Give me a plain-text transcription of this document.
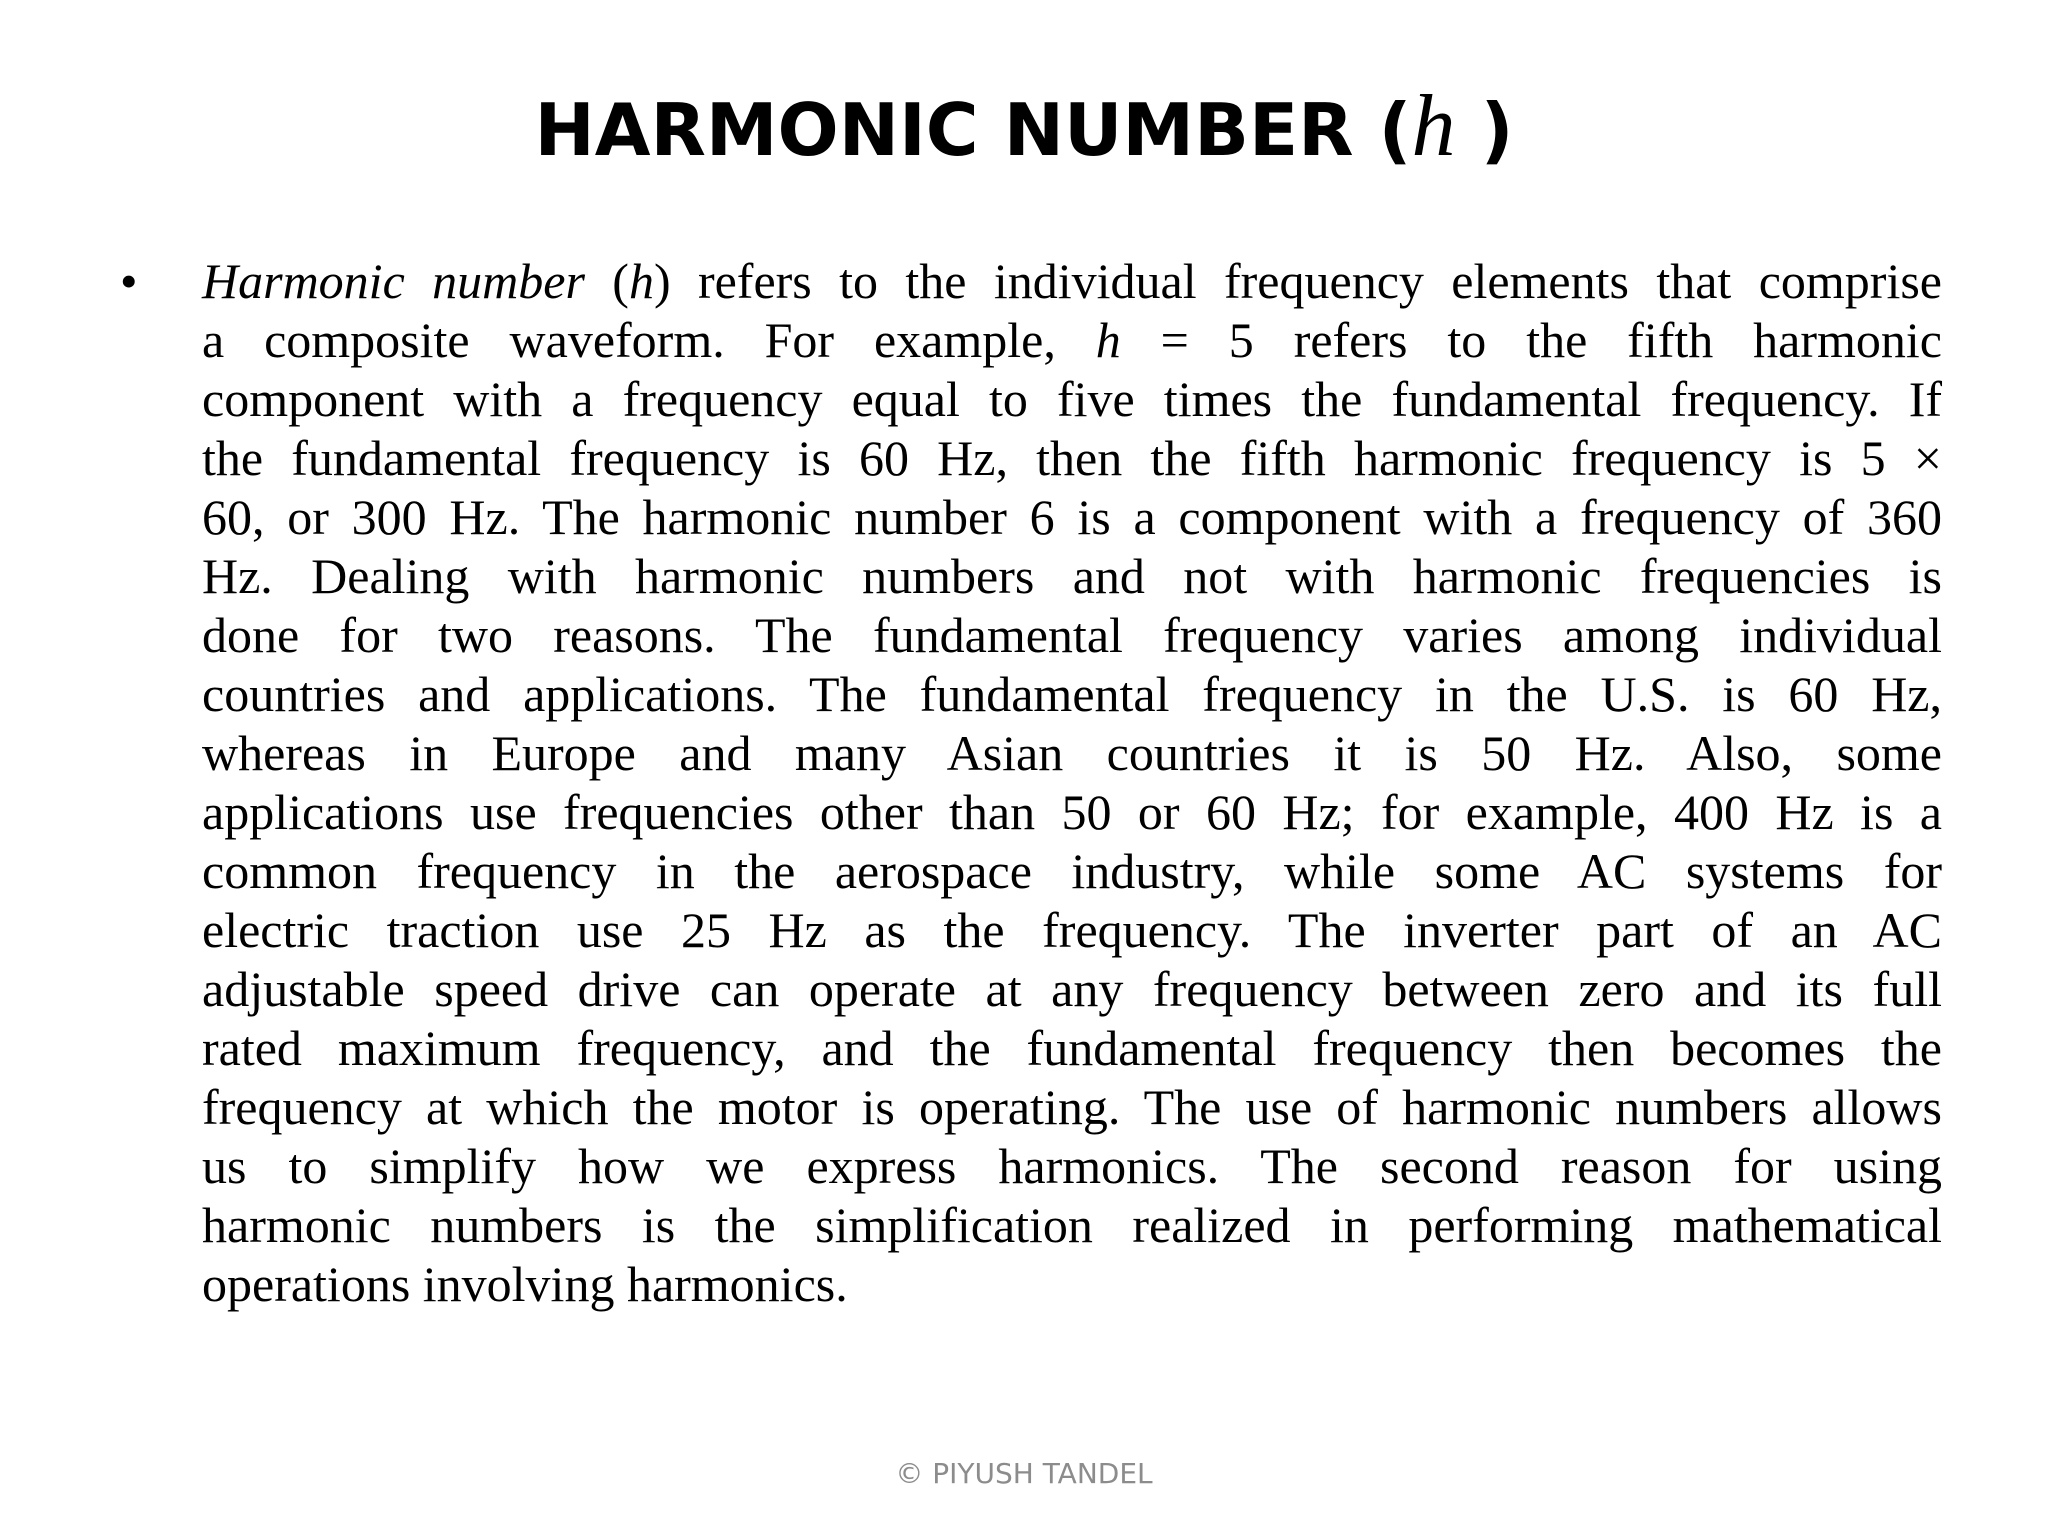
HARMONIC NUMBER (h )
• Harmonic number (h) refers to the individual frequency elements that comprise
a composite waveform. For example, h = 5 refers to the fifth harmonic
component with a frequency equal to five times the fundamental frequency. If
the fundamental frequency is 60 Hz, then the fifth harmonic frequency is 5 ×
60, or 300 Hz. The harmonic number 6 is a component with a frequency of 360
Hz. Dealing with harmonic numbers and not with harmonic frequencies is
done for two reasons. The fundamental frequency varies among individual
countries and applications. The fundamental frequency in the U.S. is 60 Hz,
whereas in Europe and many Asian countries it is 50 Hz. Also, some
applications use frequencies other than 50 or 60 Hz; for example, 400 Hz is a
common frequency in the aerospace industry, while some AC systems for
electric traction use 25 Hz as the frequency. The inverter part of an AC
adjustable speed drive can operate at any frequency between zero and its full
rated maximum frequency, and the fundamental frequency then becomes the
frequency at which the motor is operating. The use of harmonic numbers allows
us to simplify how we express harmonics. The second reason for using
harmonic numbers is the simplification realized in performing mathematical
operations involving harmonics.
© PIYUSH TANDEL
